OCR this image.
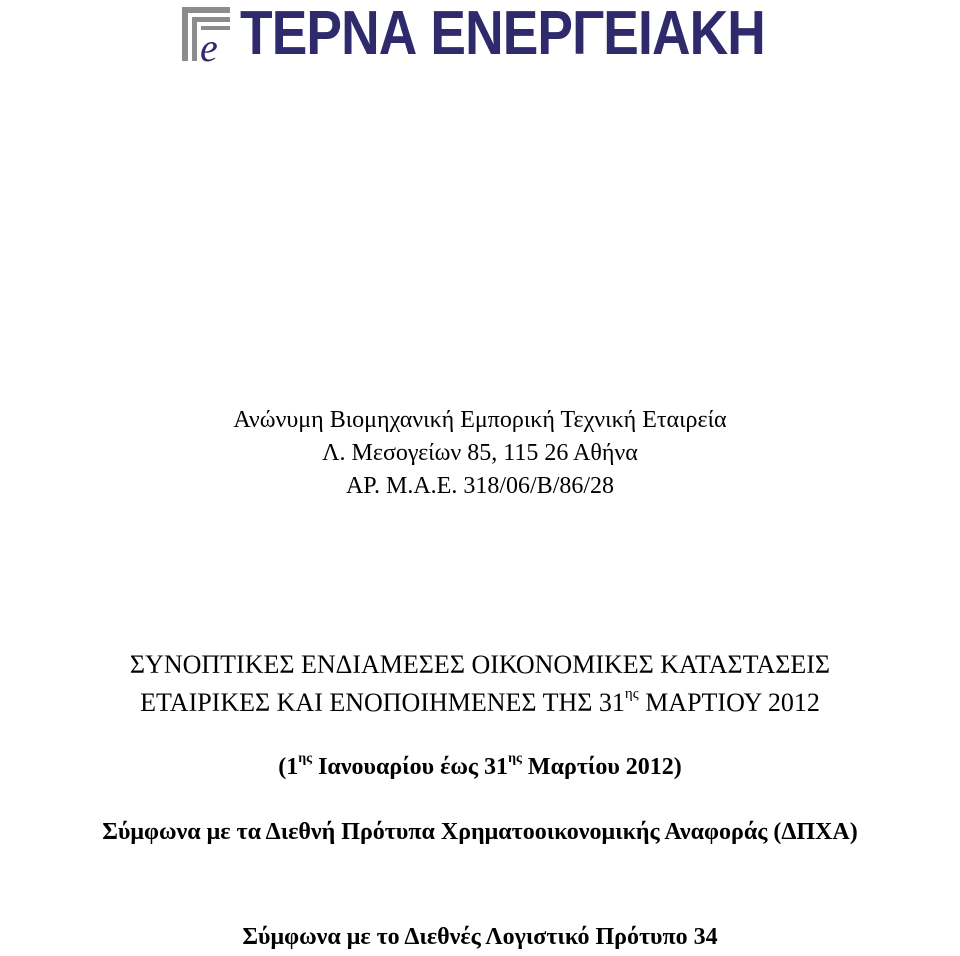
e ΤΕΡΝΑ ΕΝΕΡΓΕΙΑΚΗ
Ανώνυμη Βιομηχανική Εμπορική Τεχνική Εταιρεία
Λ. Μεσογείων 85, 115 26 Αθήνα
ΑΡ. Μ.Α.Ε. 318/06/Β/86/28
ΣΥΝΟΠΤΙΚΕΣ ΕΝΔΙΑΜΕΣΕΣ ΟΙΚΟΝΟΜΙΚΕΣ ΚΑΤΑΣΤΑΣΕΙΣ
ΕΤΑΙΡΙΚΕΣ ΚΑΙ ΕΝΟΠΟΙΗΜΕΝΕΣ ΤΗΣ $31^{\eta\varsigma}$ ΜΑΡΤΙΟΥ 2012
($1^{\eta\varsigma}$ Ιανουαρίου έως $31^{\eta\varsigma}$ Μαρτίου 2012)
Σύμφωνα με τα Διεθνή Πρότυπα Χρηματοοικονομικής Αναφοράς (ΔΠΧΑ)
Σύμφωνα με το Διεθνές Λογιστικό Πρότυπο 34
